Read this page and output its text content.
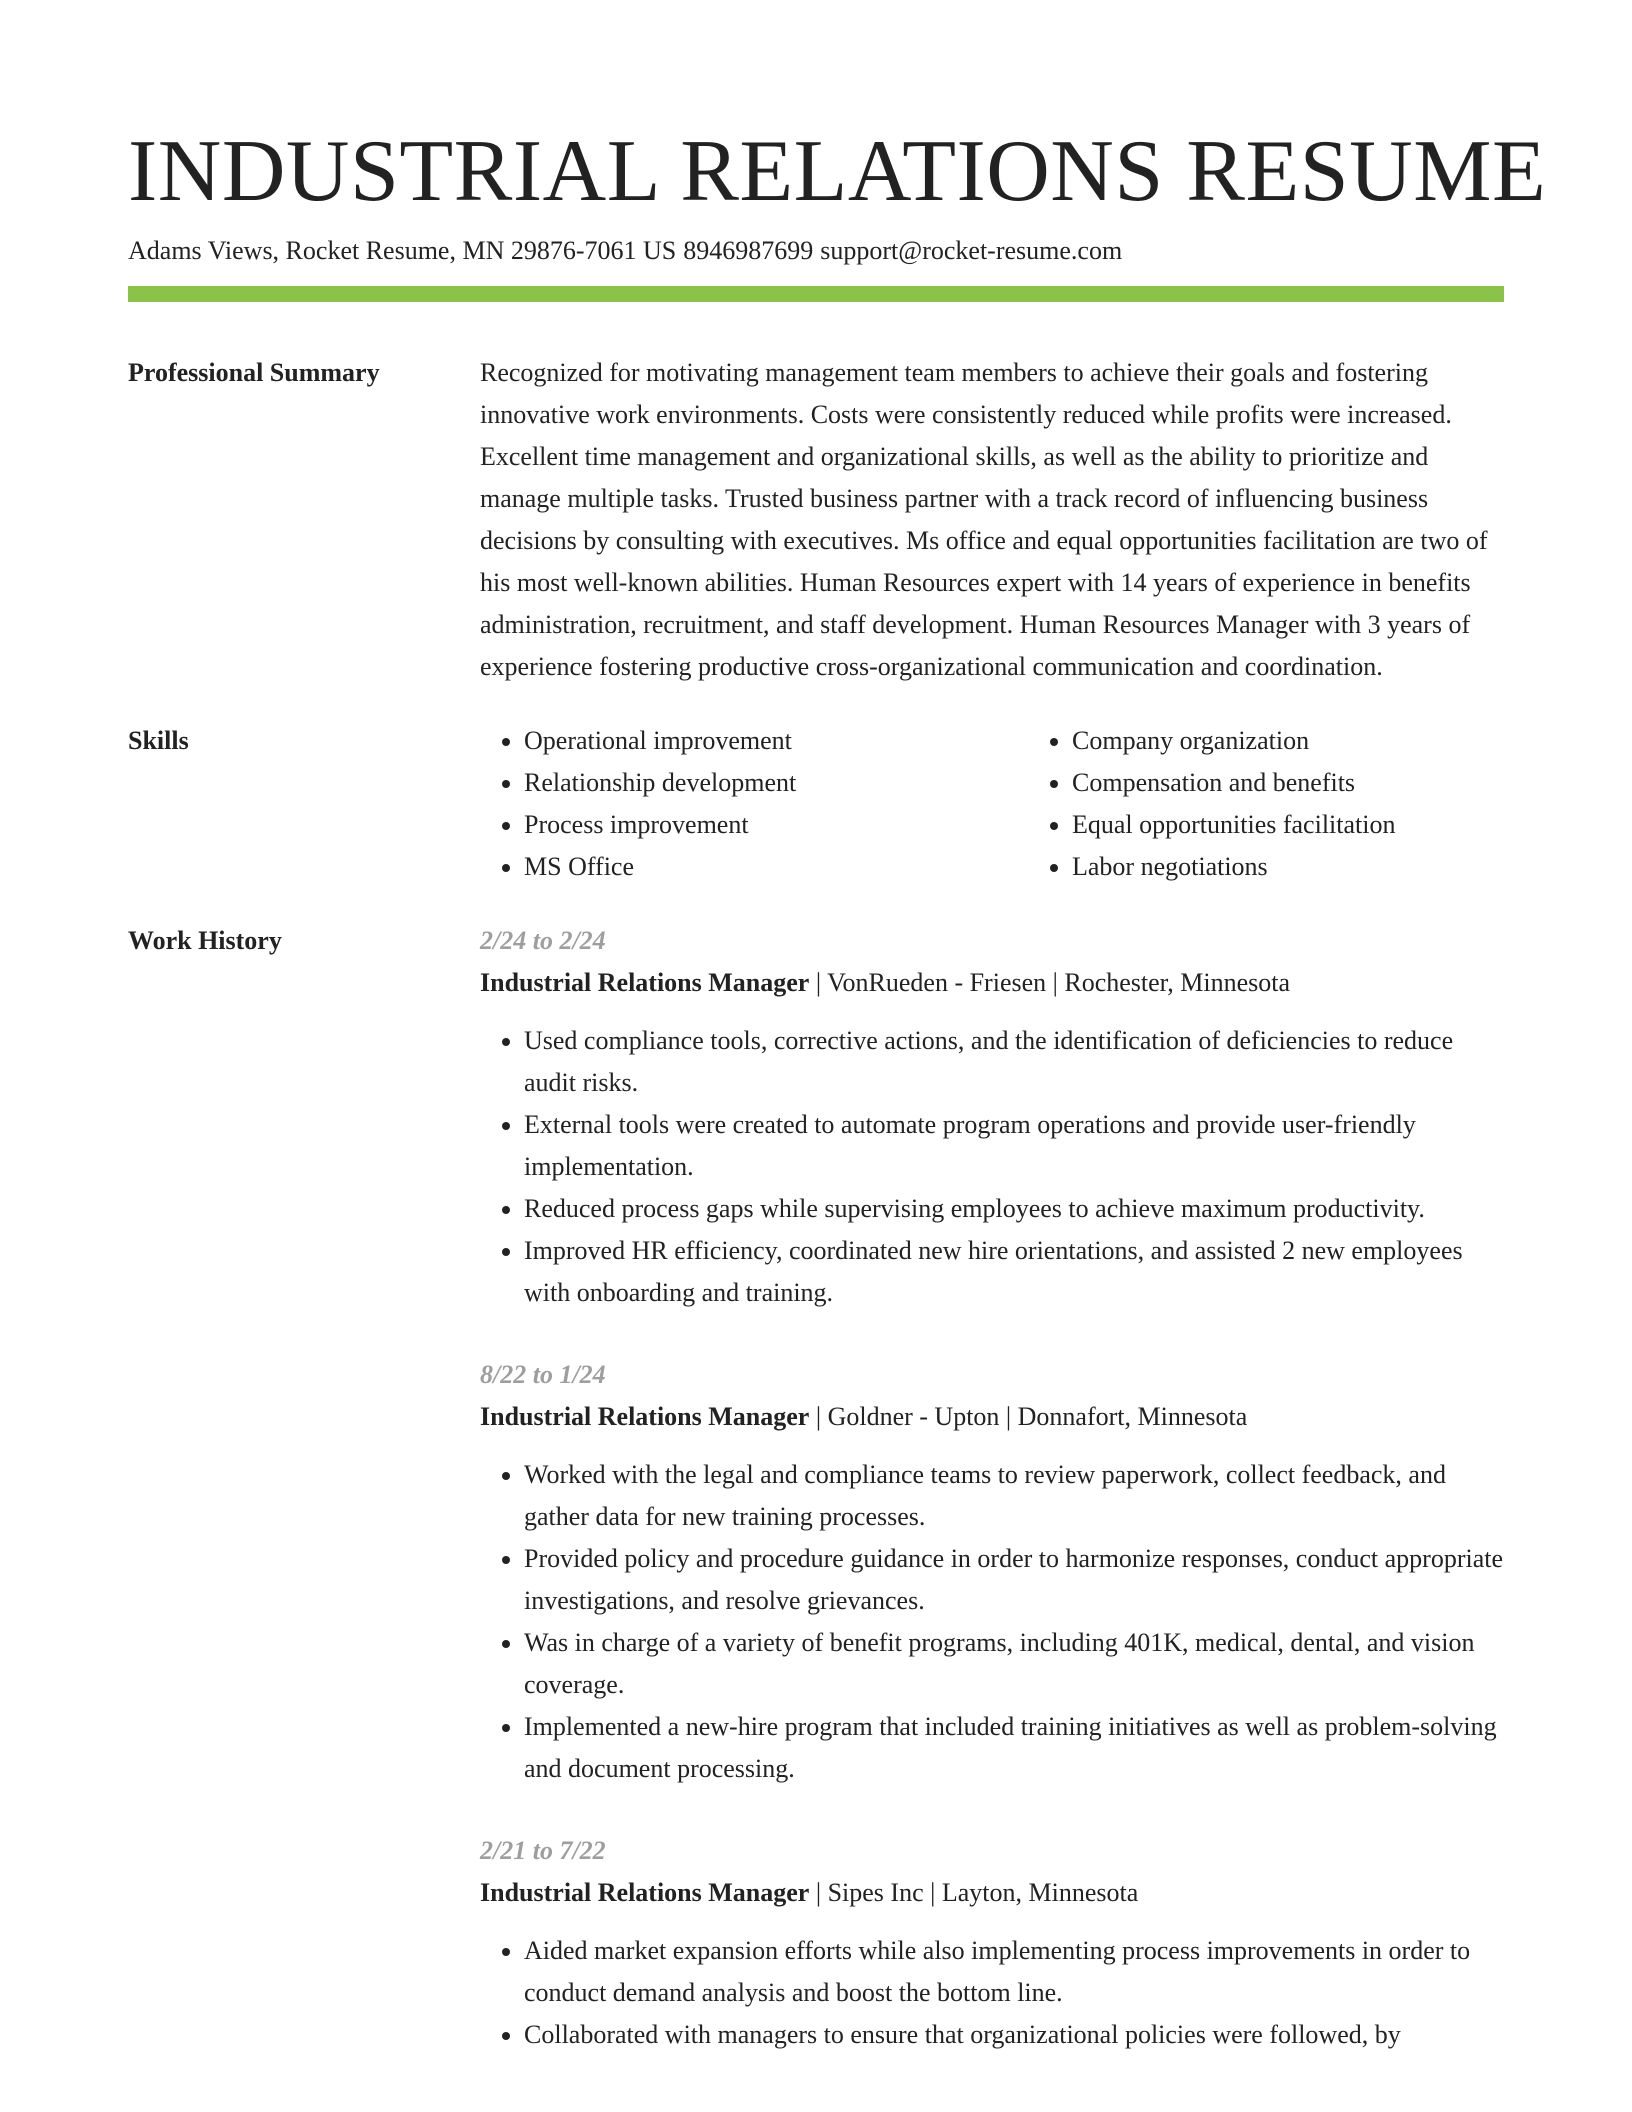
INDUSTRIAL RELATIONS RESUME
Adams Views, Rocket Resume, MN 29876-7061 US 8946987699 support@rocket-resume.com
Professional Summary	Recognized for motivating management team members to achieve their goals and fostering innovative work environments. Costs were consistently reduced while profits were increased. Excellent time management and organizational skills, as well as the ability to prioritize and manage multiple tasks. Trusted business partner with a track record of influencing business decisions by consulting with executives. Ms office and equal opportunities facilitation are two of his most well-known abilities. Human Resources expert with 14 years of experience in benefits administration, recruitment, and staff development. Human Resources Manager with 3 years of experience fostering productive cross-organizational communication and coordination.
Skills
•	Operational improvement
• Relationship development
• Process improvement
• MS Office
• Company organization
• Compensation and benefits
• Equal opportunities facilitation
• Labor negotiations
Work History	2/24 to 2/24
Industrial Relations Manager | VonRueden - Friesen | Rochester, Minnesota
• Used compliance tools, corrective actions, and the identification of deficiencies to reduce audit risks.
• External tools were created to automate program operations and provide user-friendly implementation.
• Reduced process gaps while supervising employees to achieve maximum productivity.
• Improved HR efficiency, coordinated new hire orientations, and assisted 2 new employees with onboarding and training.
8/22 to 1/24
Industrial Relations Manager | Goldner - Upton | Donnafort, Minnesota
• Worked with the legal and compliance teams to review paperwork, collect feedback, and gather data for new training processes.
• Provided policy and procedure guidance in order to harmonize responses, conduct appropriate investigations, and resolve grievances.
• Was in charge of a variety of benefit programs, including 401K, medical, dental, and vision coverage.
• Implemented a new-hire program that included training initiatives as well as problem-solving and document processing.
2/21 to 7/22
Industrial Relations Manager | Sipes Inc | Layton, Minnesota
• Aided market expansion efforts while also implementing process improvements in order to conduct demand analysis and boost the bottom line.
• Collaborated with managers to ensure that organizational policies were followed, by
